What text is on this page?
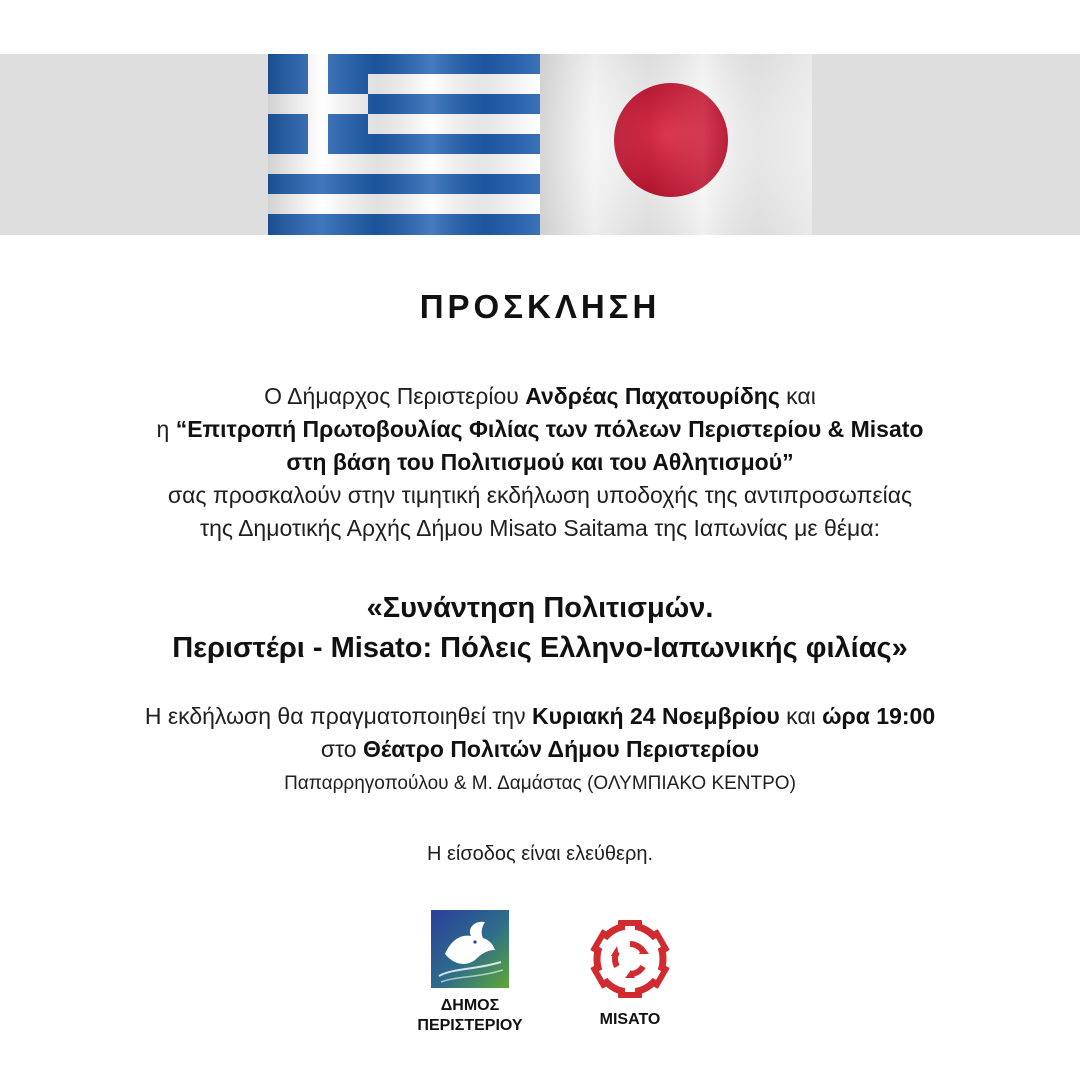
ΠΡΟΣΚΛΗΣΗ
Ο Δήμαρχος Περιστερίου Ανδρέας Παχατουρίδης και
η “Επιτροπή Πρωτοβουλίας Φιλίας των πόλεων Περιστερίου & Misato
στη βάση του Πολιτισμού και του Αθλητισμού”
σας προσκαλούν στην τιμητική εκδήλωση υποδοχής της αντιπροσωπείας
της Δημοτικής Αρχής Δήμου Misato Saitama της Ιαπωνίας με θέμα:
«Συνάντηση Πολιτισμών.
Περιστέρι - Misato: Πόλεις Ελληνο-Ιαπωνικής φιλίας»
Η εκδήλωση θα πραγματοποιηθεί την Κυριακή 24 Νοεμβρίου και ώρα 19:00
στο Θέατρο Πολιτών Δήμου Περιστερίου
Παπαρρηγοπούλου & Μ. Δαμάστας (ΟΛΥΜΠΙΑΚΟ ΚΕΝΤΡΟ)
Η είσοδος είναι ελεύθερη.
ΔΗΜΟΣ
ΠΕΡΙΣΤΕΡΙΟΥ	MISATO
